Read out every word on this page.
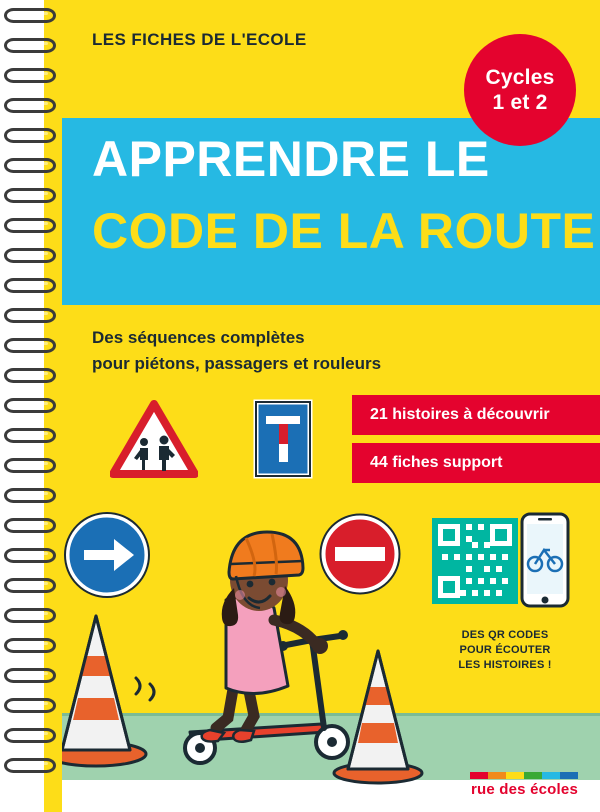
DES QR CODES
POUR ÉCOUTER
LES HISTOIRES !
LES FICHES DE L'ECOLE
Cycles
1 et 2
APPRENDRE LE
CODE DE LA ROUTE
Des séquences complètes
pour piétons, passagers et rouleurs
21 histoires à découvrir
44 fiches support
rue des écoles
